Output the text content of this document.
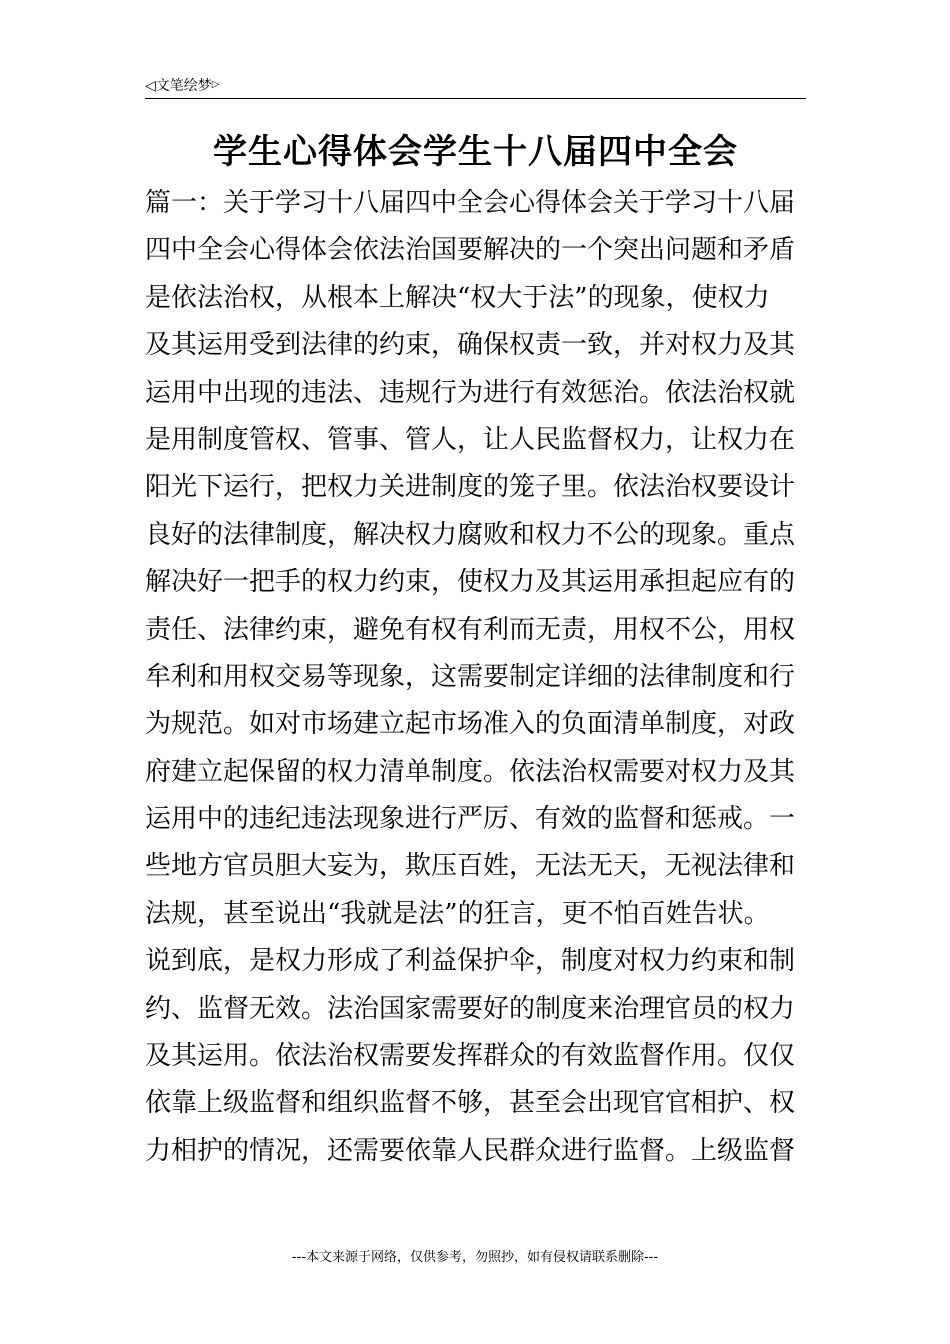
◁文笔绘梦▷
学生心得体会学生十八届四中全会
篇一：关于学习十八届四中全会心得体会关于学习十八届
四中全会心得体会依法治国要解决的一个突出问题和矛盾
是依法治权，从根本上解决“权大于法”的现象，使权力
及其运用受到法律的约束，确保权责一致，并对权力及其
运用中出现的违法、违规行为进行有效惩治。依法治权就
是用制度管权、管事、管人，让人民监督权力，让权力在
阳光下运行，把权力关进制度的笼子里。依法治权要设计
良好的法律制度，解决权力腐败和权力不公的现象。重点
解决好一把手的权力约束，使权力及其运用承担起应有的
责任、法律约束，避免有权有利而无责，用权不公，用权
牟利和用权交易等现象，这需要制定详细的法律制度和行
为规范。如对市场建立起市场准入的负面清单制度，对政
府建立起保留的权力清单制度。依法治权需要对权力及其
运用中的违纪违法现象进行严厉、有效的监督和惩戒。一
些地方官员胆大妄为，欺压百姓，无法无天，无视法律和
法规，甚至说出“我就是法”的狂言，更不怕百姓告状。
说到底，是权力形成了利益保护伞，制度对权力约束和制
约、监督无效。法治国家需要好的制度来治理官员的权力
及其运用。依法治权需要发挥群众的有效监督作用。仅仅
依靠上级监督和组织监督不够，甚至会出现官官相护、权
力相护的情况，还需要依靠人民群众进行监督。上级监督
---本文来源于网络，仅供参考，勿照抄，如有侵权请联系删除---
